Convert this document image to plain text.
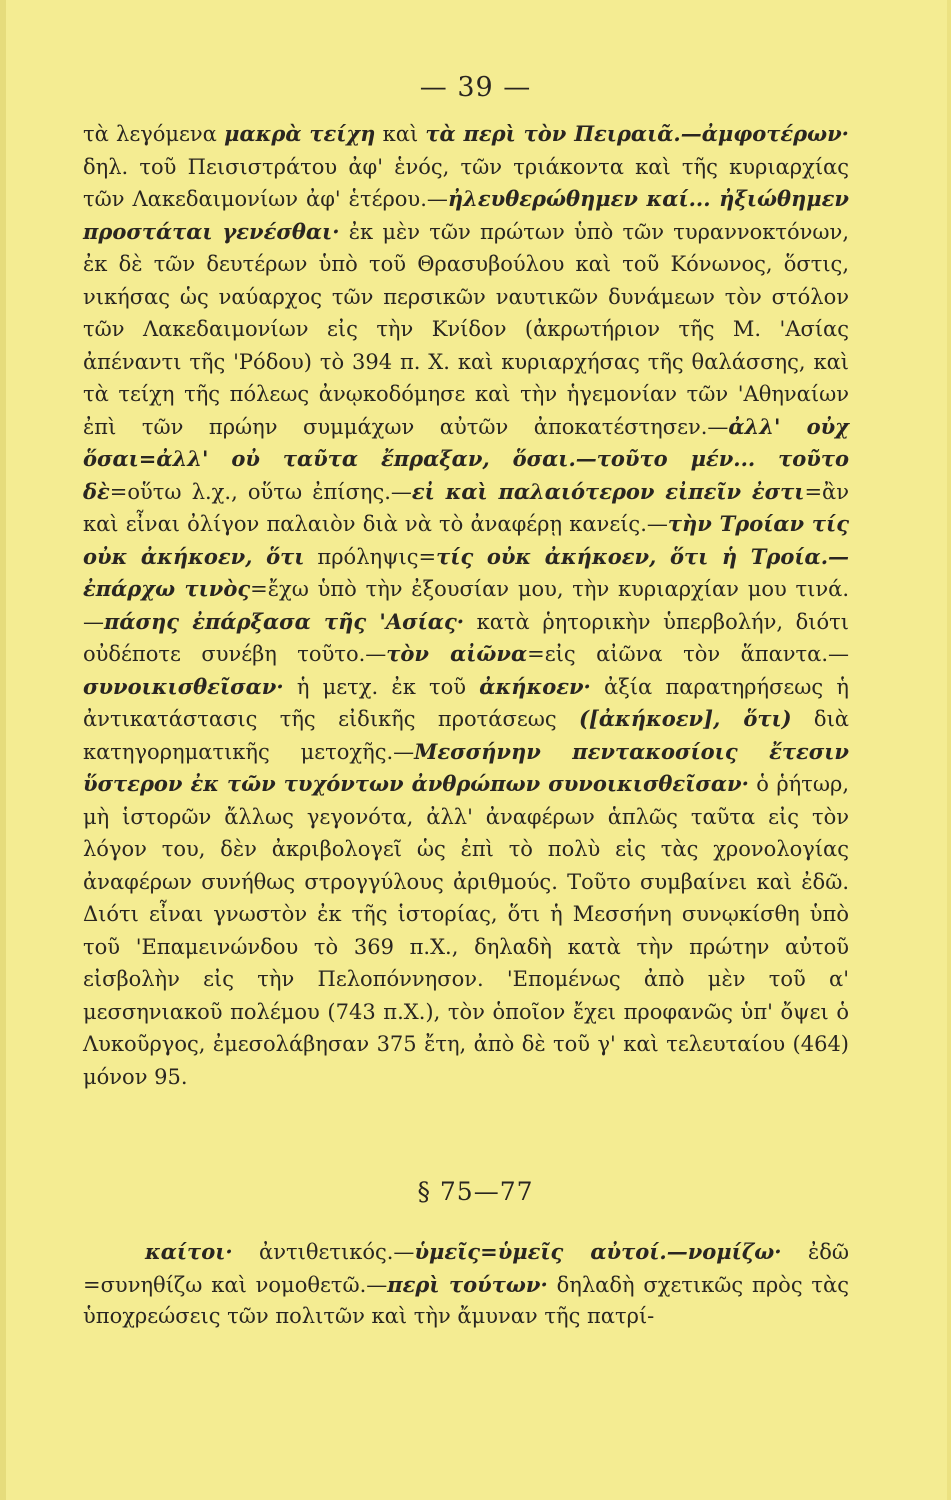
— 39 —

τὰ λεγόμενα μακρὰ τείχη καὶ τὰ περὶ τὸν Πειραιᾶ.—ἀμφοτέρων· δηλ. τοῦ Πεισιστράτου ἀφ' ἑνός, τῶν τριάκοντα καὶ τῆς κυριαρχίας τῶν Λακεδαιμονίων ἀφ' ἑτέρου.—ἠλευθερώθημεν καί... ἠξιώθημεν προστάται γενέσθαι· ἐκ μὲν τῶν πρώτων ὑπὸ τῶν τυραννοκτόνων, ἐκ δὲ τῶν δευτέρων ὑπὸ τοῦ Θρασυβούλου καὶ τοῦ Κόνωνος, ὅστις, νικήσας ὡς ναύαρχος τῶν περσικῶν ναυτικῶν δυνάμεων τὸν στόλον τῶν Λακεδαιμονίων εἰς τὴν Κνίδον (ἀκρωτήριον τῆς Μ. 'Ασίας ἀπέναντι τῆς 'Ρόδου) τὸ 394 π. Χ. καὶ κυριαρχήσας τῆς θαλάσσης, καὶ τὰ τείχη τῆς πόλεως ἀνῳκοδόμησε καὶ τὴν ἡγεμονίαν τῶν 'Αθηναίων ἐπὶ τῶν πρώην συμμάχων αὐτῶν ἀποκατέστησεν.—ἀλλ' οὐχ ὅσαι=ἀλλ' οὐ ταῦτα ἔπραξαν, ὅσαι.—τοῦτο μέν... τοῦτο δὲ=οὕτω λ.χ., οὕτω ἐπίσης.—εἰ καὶ παλαιότερον εἰπεῖν ἐστι=ἂν καὶ εἶναι ὀλίγον παλαιὸν διὰ νὰ τὸ ἀναφέρῃ κανείς.—τὴν Τροίαν τίς οὐκ ἀκήκοεν, ὅτι πρόληψις=τίς οὐκ ἀκήκοεν, ὅτι ἡ Τροία.—ἐπάρχω τινὸς=ἔχω ὑπὸ τὴν ἐξουσίαν μου, τὴν κυριαρχίαν μου τινά.—πάσης ἐπάρξασα τῆς 'Ασίας· κατὰ ῥητορικὴν ὑπερβολήν, διότι οὐδέποτε συνέβη τοῦτο.—τὸν αἰῶνα=εἰς αἰῶνα τὸν ἅπαντα.—συνοικισθεῖσαν· ἡ μετχ. ἐκ τοῦ ἀκήκοεν· ἀξία παρατηρήσεως ἡ ἀντικατάστασις τῆς εἰδικῆς προτάσεως ([ἀκήκοεν], ὅτι) διὰ κατηγορηματικῆς μετοχῆς.—Μεσσήνην πεντακοσίοις ἔτεσιν ὕστερον ἐκ τῶν τυχόντων ἀνθρώπων συνοικισθεῖσαν· ὁ ῥήτωρ, μὴ ἱστορῶν ἄλλως γεγονότα, ἀλλ' ἀναφέρων ἁπλῶς ταῦτα εἰς τὸν λόγον του, δὲν ἀκριβολογεῖ ὡς ἐπὶ τὸ πολὺ εἰς τὰς χρονολογίας ἀναφέρων συνήθως στρογγύλους ἀριθμούς. Τοῦτο συμβαίνει καὶ ἐδῶ. Διότι εἶναι γνωστὸν ἐκ τῆς ἱστορίας, ὅτι ἡ Μεσσήνη συνῳκίσθη ὑπὸ τοῦ 'Επαμεινώνδου τὸ 369 π.Χ., δηλαδὴ κατὰ τὴν πρώτην αὐτοῦ εἰσβολὴν εἰς τὴν Πελοπόννησον. 'Επομένως ἀπὸ μὲν τοῦ α' μεσσηνιακοῦ πολέμου (743 π.Χ.), τὸν ὁποῖον ἔχει προφανῶς ὑπ' ὄψει ὁ Λυκοῦργος, ἐμεσολάβησαν 375 ἔτη, ἀπὸ δὲ τοῦ γ' καὶ τελευταίου (464) μόνον 95.

§ 75—77

καίτοι· ἀντιθετικός.—ὑμεῖς=ὑμεῖς αὐτοί.—νομίζω· ἐδῶ =συνηθίζω καὶ νομοθετῶ.—περὶ τούτων· δηλαδὴ σχετικῶς πρὸς τὰς ὑποχρεώσεις τῶν πολιτῶν καὶ τὴν ἄμυναν τῆς πατρί-
